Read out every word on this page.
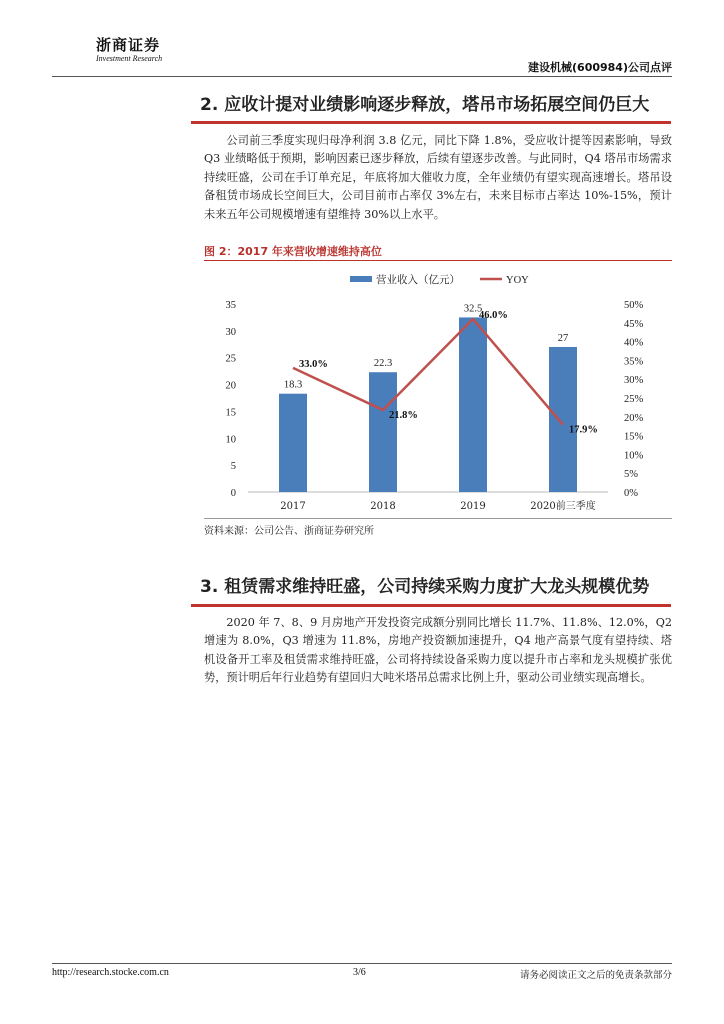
浙商证券
Investment Research
建设机械(600984)公司点评
2. 应收计提对业绩影响逐步释放，塔吊市场拓展空间仍巨大

公司前三季度实现归母净利润 3.8 亿元，同比下降 1.8%，受应收计提等因素影响，导致 Q3 业绩略低于预期，影响因素已逐步释放，后续有望逐步改善。与此同时，Q4 塔吊市场需求持续旺盛，公司在手订单充足，年底将加大催收力度，全年业绩仍有望实现高速增长。塔吊设备租赁市场成长空间巨大，公司目前市占率仅 3%左右，未来目标市占率达 10%-15%，预计未来五年公司规模增速有望维持 30%以上水平。

图 2：2017 年来营收增速维持高位
营业收入（亿元）	YOY
0
5
10
15
20
25
30
35
0%
5%
10%
15%
20%
25%
30%
35%
40%
45%
50%
18.3
22.3
32.5
27
33.0%
21.8%
46.0%
17.9%
2017	2018	2019	2020前三季度
资料来源：公司公告、浙商证券研究所
3. 租赁需求维持旺盛，公司持续采购力度扩大龙头规模优势

2020 年 7、8、9 月房地产开发投资完成额分别同比增长 11.7%、11.8%、12.0%，Q2 增速为 8.0%，Q3 增速为 11.8%，房地产投资额加速提升，Q4 地产高景气度有望持续、塔机设备开工率及租赁需求维持旺盛，公司将持续设备采购力度以提升市占率和龙头规模扩张优势，预计明后年行业趋势有望回归大吨米塔吊总需求比例上升，驱动公司业绩实现高增长。

http://research.stocke.com.cn	3/6	请务必阅读正文之后的免责条款部分
